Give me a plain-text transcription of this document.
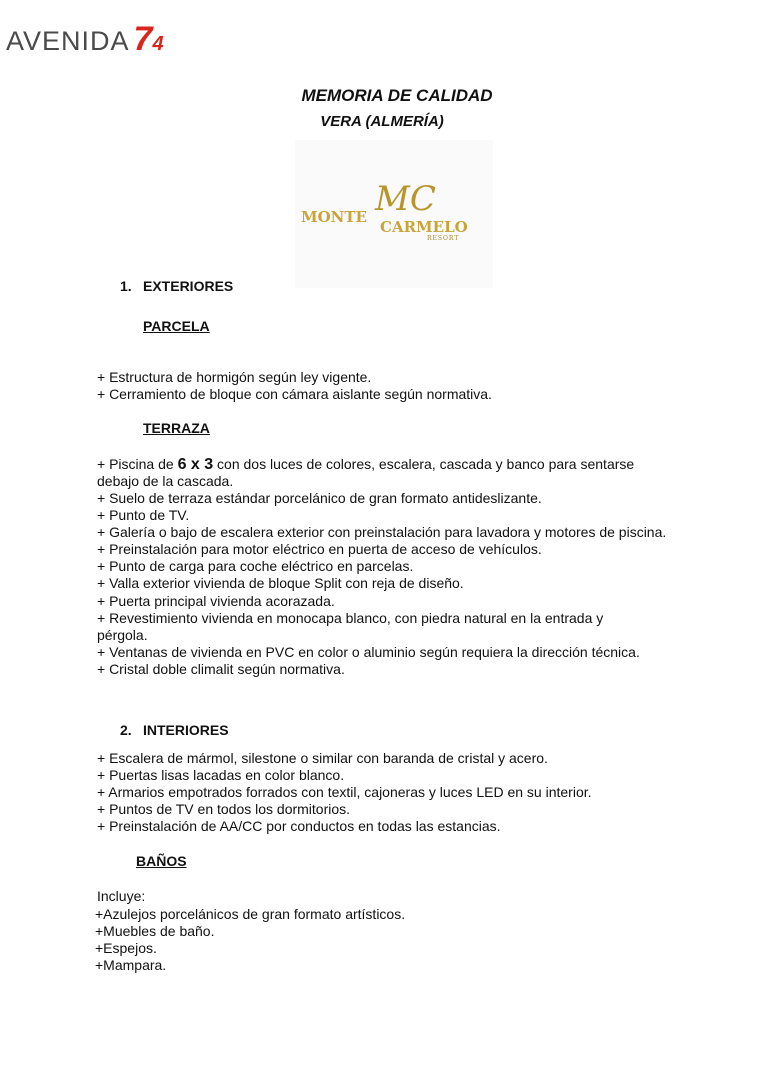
AVENIDA 74
MEMORIA DE CALIDAD
VERA (ALMERÍA)
MC
MONTE
CARMELO
RESORT
1. EXTERIORES
PARCELA
+ Estructura de hormigón según ley vigente.
+ Cerramiento de bloque con cámara aislante según normativa.
TERRAZA
+ Piscina de 6 x 3 con dos luces de colores, escalera, cascada y banco para sentarse
debajo de la cascada.
+ Suelo de terraza estándar porcelánico de gran formato antideslizante.
+ Punto de TV.
+ Galería o bajo de escalera exterior con preinstalación para lavadora y motores de piscina.
+ Preinstalación para motor eléctrico en puerta de acceso de vehículos.
+ Punto de carga para coche eléctrico en parcelas.
+ Valla exterior vivienda de bloque Split con reja de diseño.
+ Puerta principal vivienda acorazada.
+ Revestimiento vivienda en monocapa blanco, con piedra natural en la entrada y
pérgola.
+ Ventanas de vivienda en PVC en color o aluminio según requiera la dirección técnica.
+ Cristal doble climalit según normativa.
2. INTERIORES
+ Escalera de mármol, silestone o similar con baranda de cristal y acero.
+ Puertas lisas lacadas en color blanco.
+ Armarios empotrados forrados con textil, cajoneras y luces LED en su interior.
+ Puntos de TV en todos los dormitorios.
+ Preinstalación de AA/CC por conductos en todas las estancias.
BAÑOS
Incluye:
+Azulejos porcelánicos de gran formato artísticos.
+Muebles de baño.
+Espejos.
+Mampara.
